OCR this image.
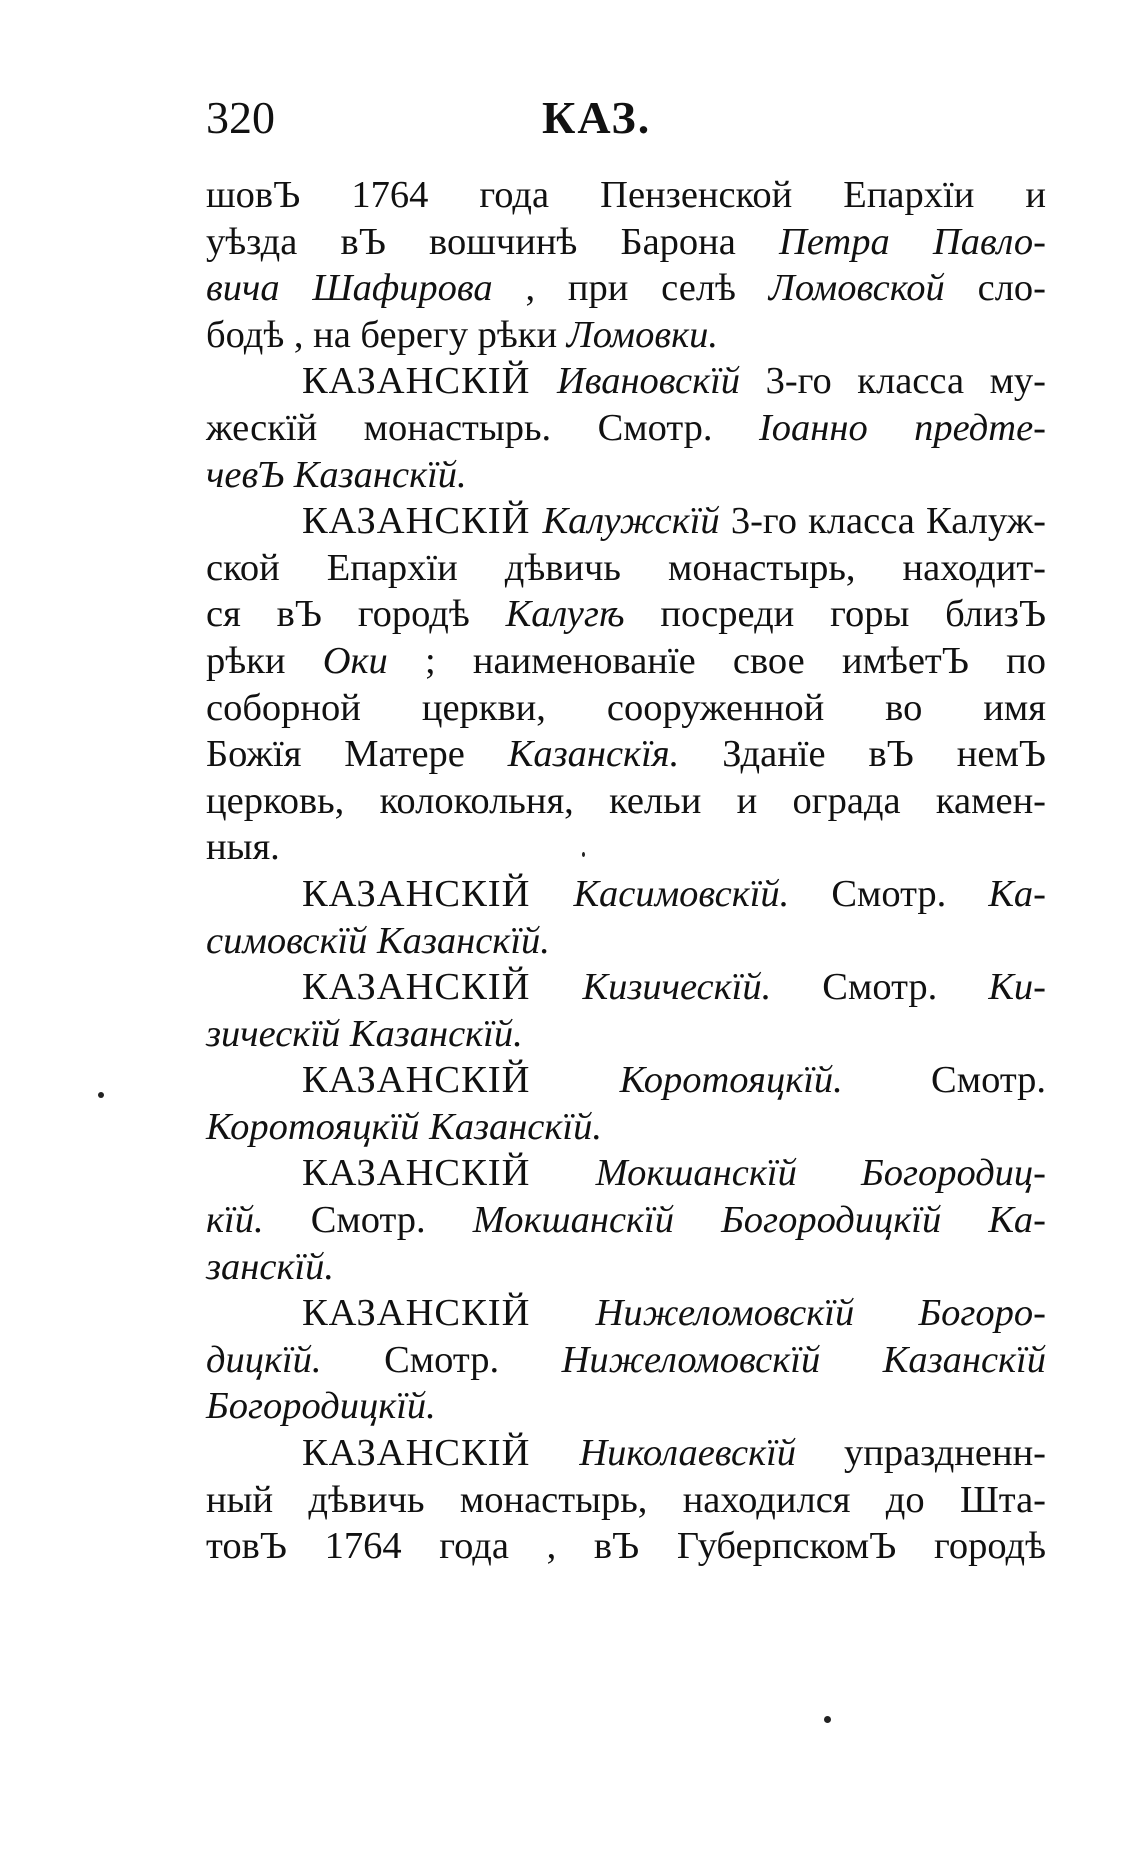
320	КАЗ.
шовЪ 1764 года Пензенской Епархїи и
уѣзда вЪ вошчинѣ Барона Петра Павло-
вича Шафирова , при селѣ Ломовской сло-
бодѣ , на берегу рѣки Ломовки.
КАЗАНСКІЙ Ивановскїй 3-го класса му-
жескїй монастырь. Смотр. Іоанно предте-
чевЪ Казанскїй.
КАЗАНСКІЙ Калужскїй 3-го класса Калуж-
ской Епархїи дѣвичь монастырь, находит-
ся вЪ городѣ Калугѣ посреди горы близЪ
рѣки Оки ; наименованїе свое имѣетЪ по
соборной церкви, сооруженной во имя
Божїя Матере Казанскїя. Зданїе вЪ немЪ
церковь, колокольня, кельи и ограда камен-
ныя.
КАЗАНСКІЙ Касимовскїй. Смотр. Ка-
симовскїй Казанскїй.
КАЗАНСКІЙ Кизическїй. Смотр. Ки-
зическїй Казанскїй.
КАЗАНСКІЙ Коротояцкїй. Смотр.
Коротояцкїй Казанскїй.
КАЗАНСКІЙ Мокшанскїй Богородиц-
кїй. Смотр. Мокшанскїй Богородицкїй Ка-
занскїй.
КАЗАНСКІЙ Нижеломовскїй Богоро-
дицкїй. Смотр. Нижеломовскїй Казанскїй
Богородицкїй.
КАЗАНСКІЙ Николаевскїй упраздненн-
ный дѣвичь монастырь, находился до Шта-
товЪ 1764 года , вЪ ГуберпскомЪ городѣ
